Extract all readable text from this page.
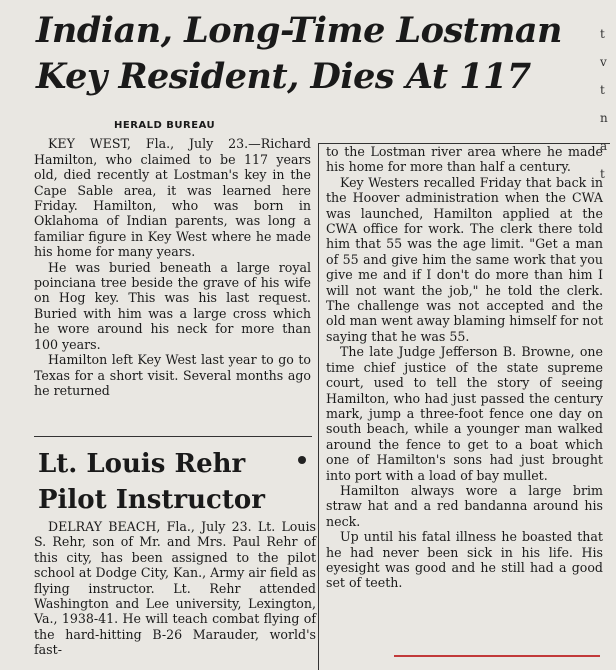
Indian, Long-Time Lostman Key Resident, Dies At 117
HERALD BUREAU

KEY WEST, Fla., July 23.—Richard Hamilton, who claimed to be 117 years old, died recently at Lostman's key in the Cape Sable area, it was learned here Friday. Hamilton, who was born in Oklahoma of Indian parents, was long a familiar figure in Key West where he made his home for many years.

He was buried beneath a large royal poinciana tree beside the grave of his wife on Hog key. This was his last request. Buried with him was a large cross which he wore around his neck for more than 100 years.

Hamilton left Key West last year to go to Texas for a short visit. Several months ago he returned

to the Lostman river area where he made his home for more than half a century.

Key Westers recalled Friday that back in the Hoover administration when the CWA was launched, Hamilton applied at the CWA office for work. The clerk there told him that 55 was the age limit. "Get a man of 55 and give him the same work that you give me and if I don't do more than him I will not want the job," he told the clerk. The challenge was not accepted and the old man went away blaming himself for not saying that he was 55.

The late Judge Jefferson B. Browne, one time chief justice of the state supreme court, used to tell the story of seeing Hamilton, who had just passed the century mark, jump a three-foot fence one day on south beach, while a younger man walked around the fence to get to a boat which one of Hamilton's sons had just brought into port with a load of bay mullet.

Hamilton always wore a large brim straw hat and a red bandanna around his neck.

Up until his fatal illness he boasted that he had never been sick in his life. His eyesight was good and he still had a good set of teeth.

Lt. Louis Rehr Pilot Instructor

DELRAY BEACH, Fla., July 23. Lt. Louis S. Rehr, son of Mr. and Mrs. Paul Rehr of this city, has been assigned to the pilot school at Dodge City, Kan., Army air field as flying instructor. Lt. Rehr attended Washington and Lee university, Lexington, Va., 1938-41. He will teach combat flying of the hard-hitting B-26 Marauder, world's fast-

t
v
t
n
a
t
